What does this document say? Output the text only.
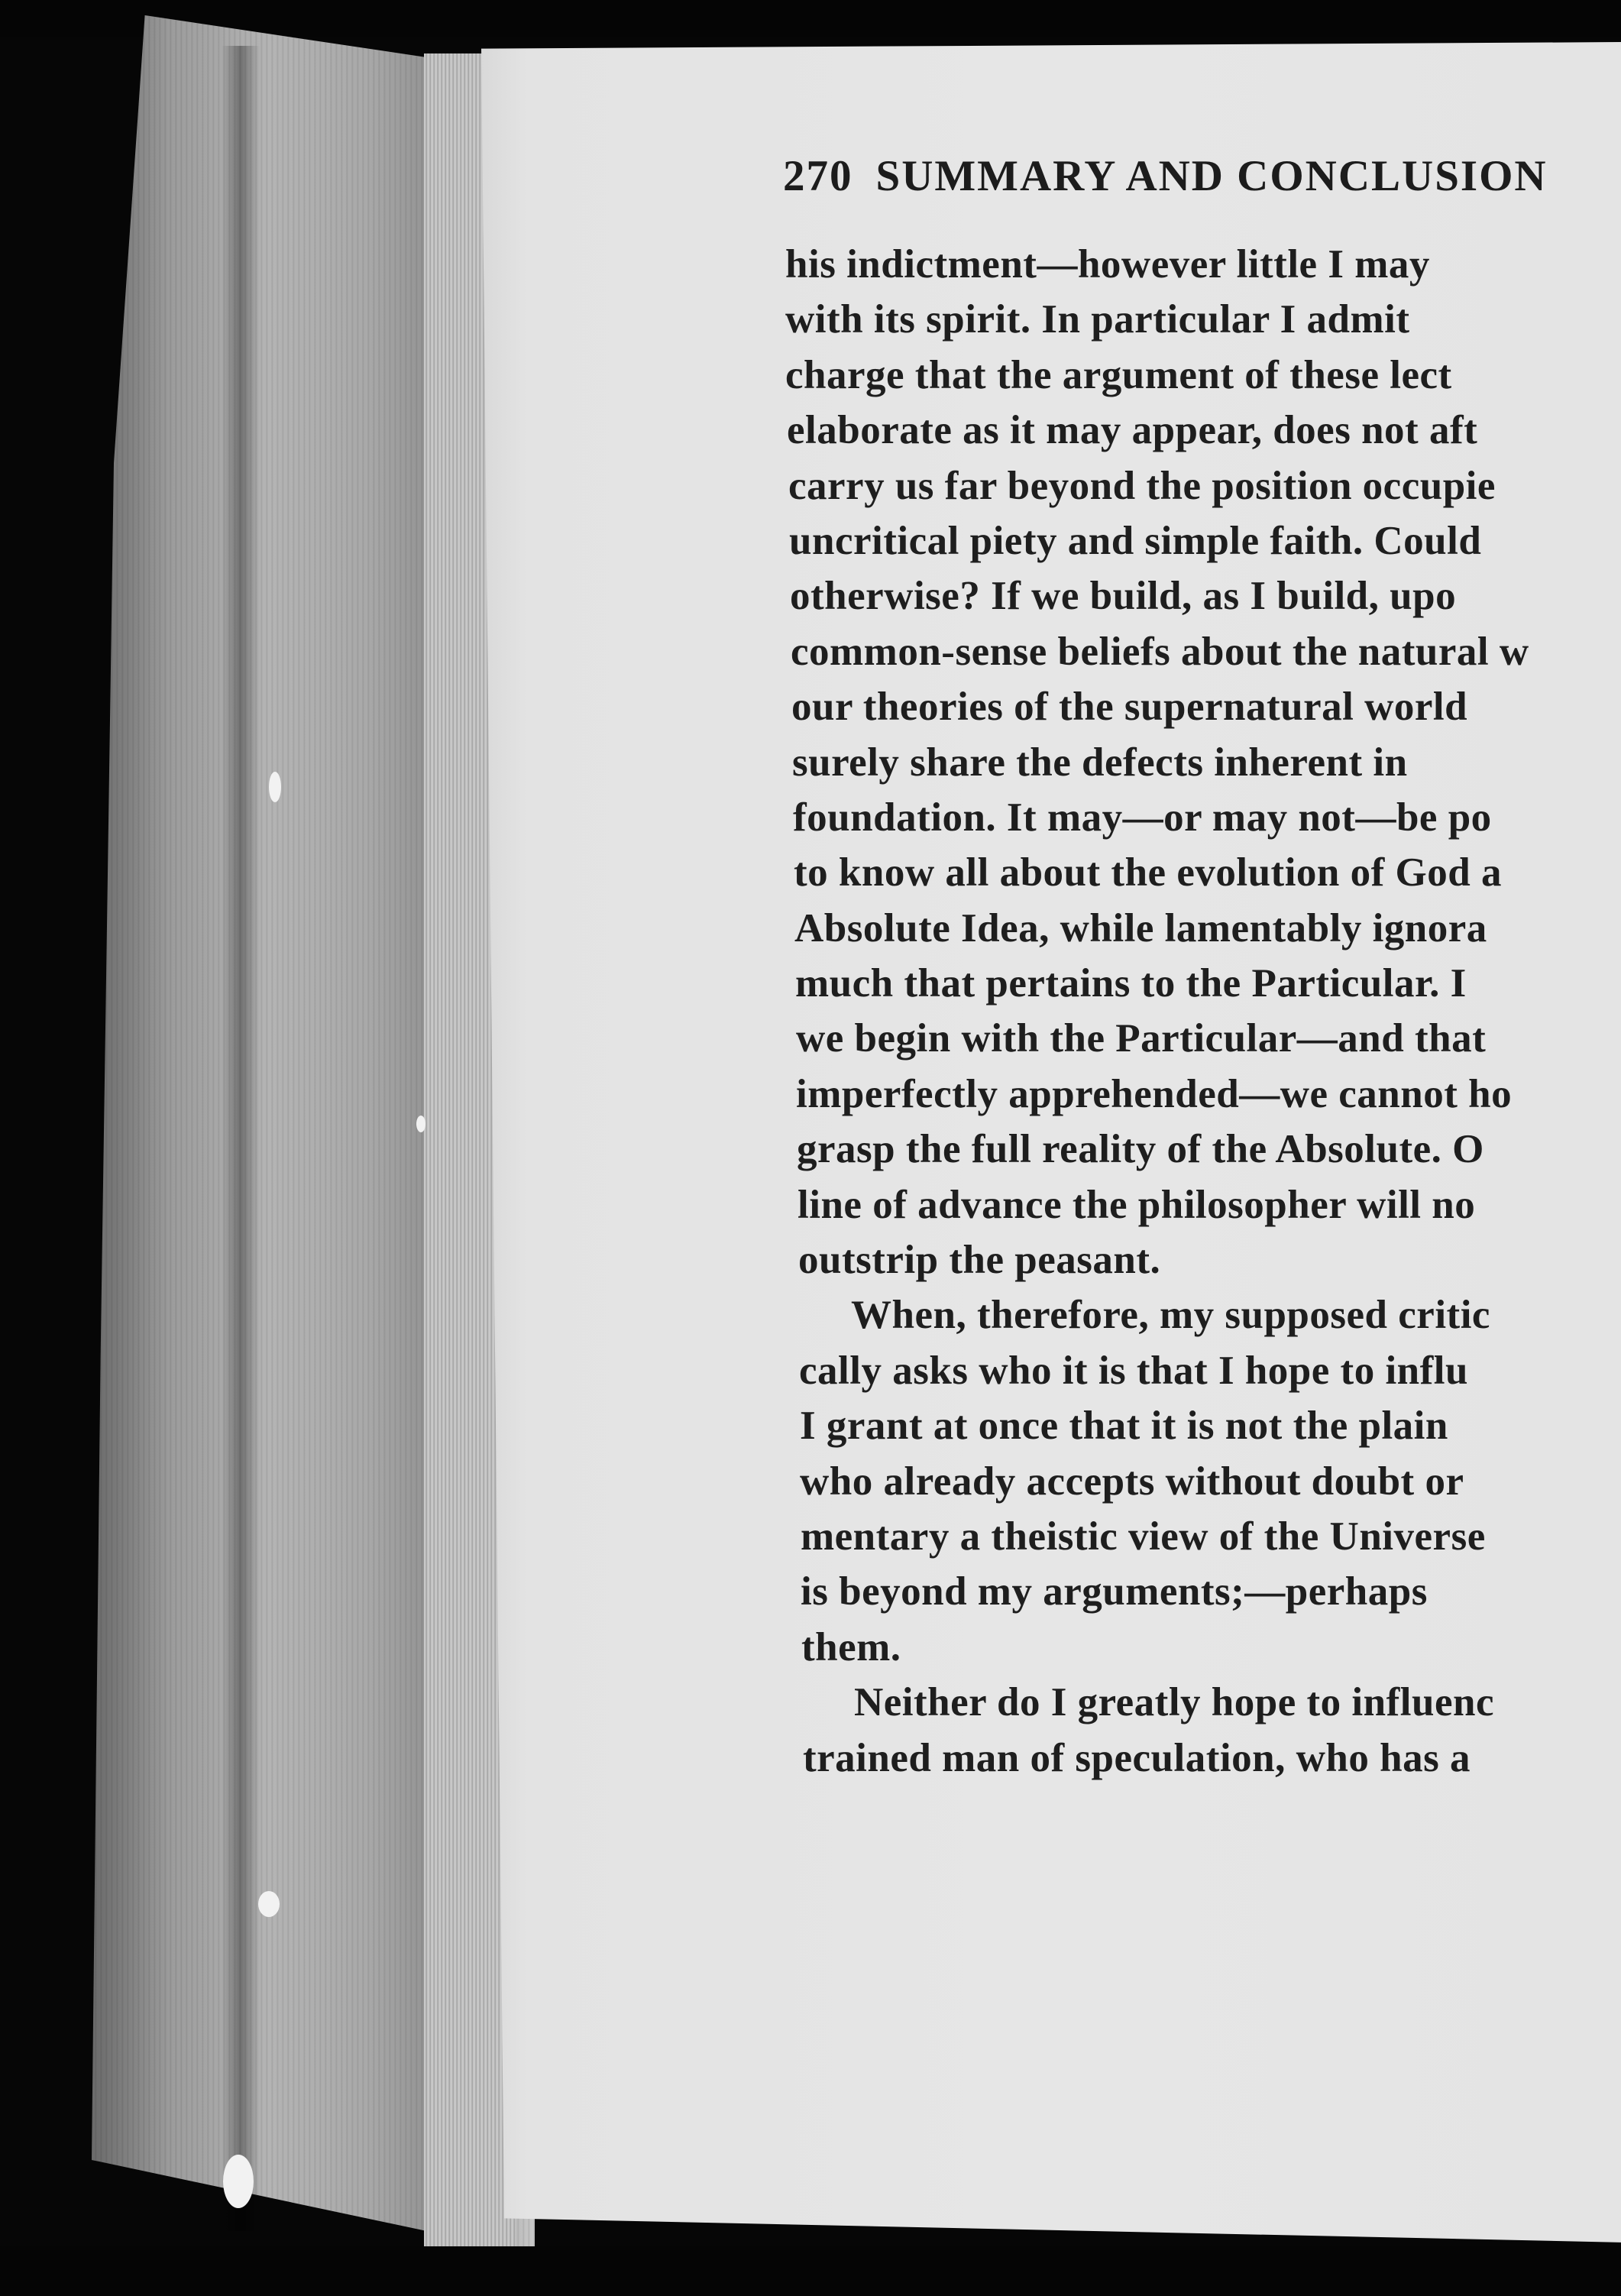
270 SUMMARY AND CONCLUSION
his indictment—however little I may
with its spirit. In particular I admit
charge that the argument of these lect
elaborate as it may appear, does not aft
carry us far beyond the position occupie
uncritical piety and simple faith. Could
otherwise? If we build, as I build, upo
common-sense beliefs about the natural w
our theories of the supernatural world
surely share the defects inherent in
foundation. It may—or may not—be po
to know all about the evolution of God a
Absolute Idea, while lamentably ignora
much that pertains to the Particular. I
we begin with the Particular—and that
imperfectly apprehended—we cannot ho
grasp the full reality of the Absolute. O
line of advance the philosopher will no
outstrip the peasant.
When, therefore, my supposed critic
cally asks who it is that I hope to influ
I grant at once that it is not the plain
who already accepts without doubt or
mentary a theistic view of the Universe
is beyond my arguments;—perhaps
them.
Neither do I greatly hope to influenc
trained man of speculation, who has a
